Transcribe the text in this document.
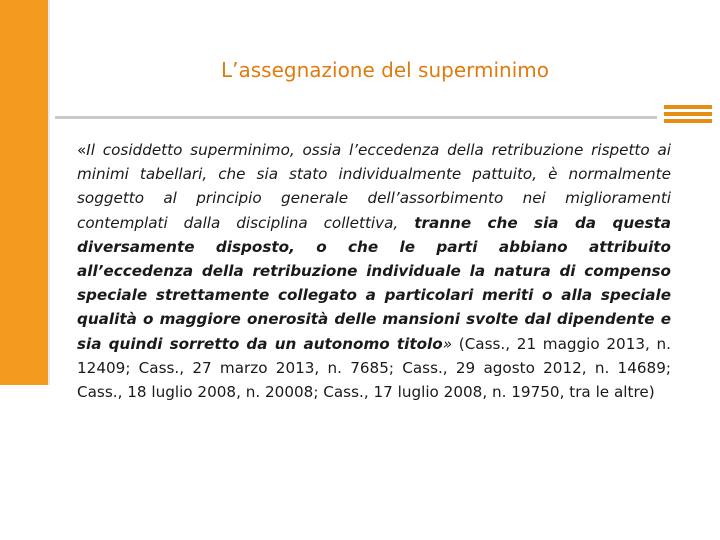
L’assegnazione del superminimo
«Il cosiddetto superminimo, ossia l’eccedenza della retribuzione rispetto ai minimi tabellari, che sia stato individualmente pattuito, è normalmente soggetto al principio generale dell’assorbimento nei miglioramenti contemplati dalla disciplina collettiva, tranne che sia da questa diversamente disposto, o che le parti abbiano attribuito all’eccedenza della retribuzione individuale la natura di compenso speciale strettamente collegato a particolari meriti o alla speciale qualità o maggiore onerosità delle mansioni svolte dal dipendente e sia quindi sorretto da un autonomo titolo» (Cass., 21 maggio 2013, n. 12409; Cass., 27 marzo 2013, n. 7685; Cass., 29 agosto 2012, n. 14689; Cass., 18 luglio 2008, n. 20008; Cass., 17 luglio 2008, n. 19750, tra le altre)
